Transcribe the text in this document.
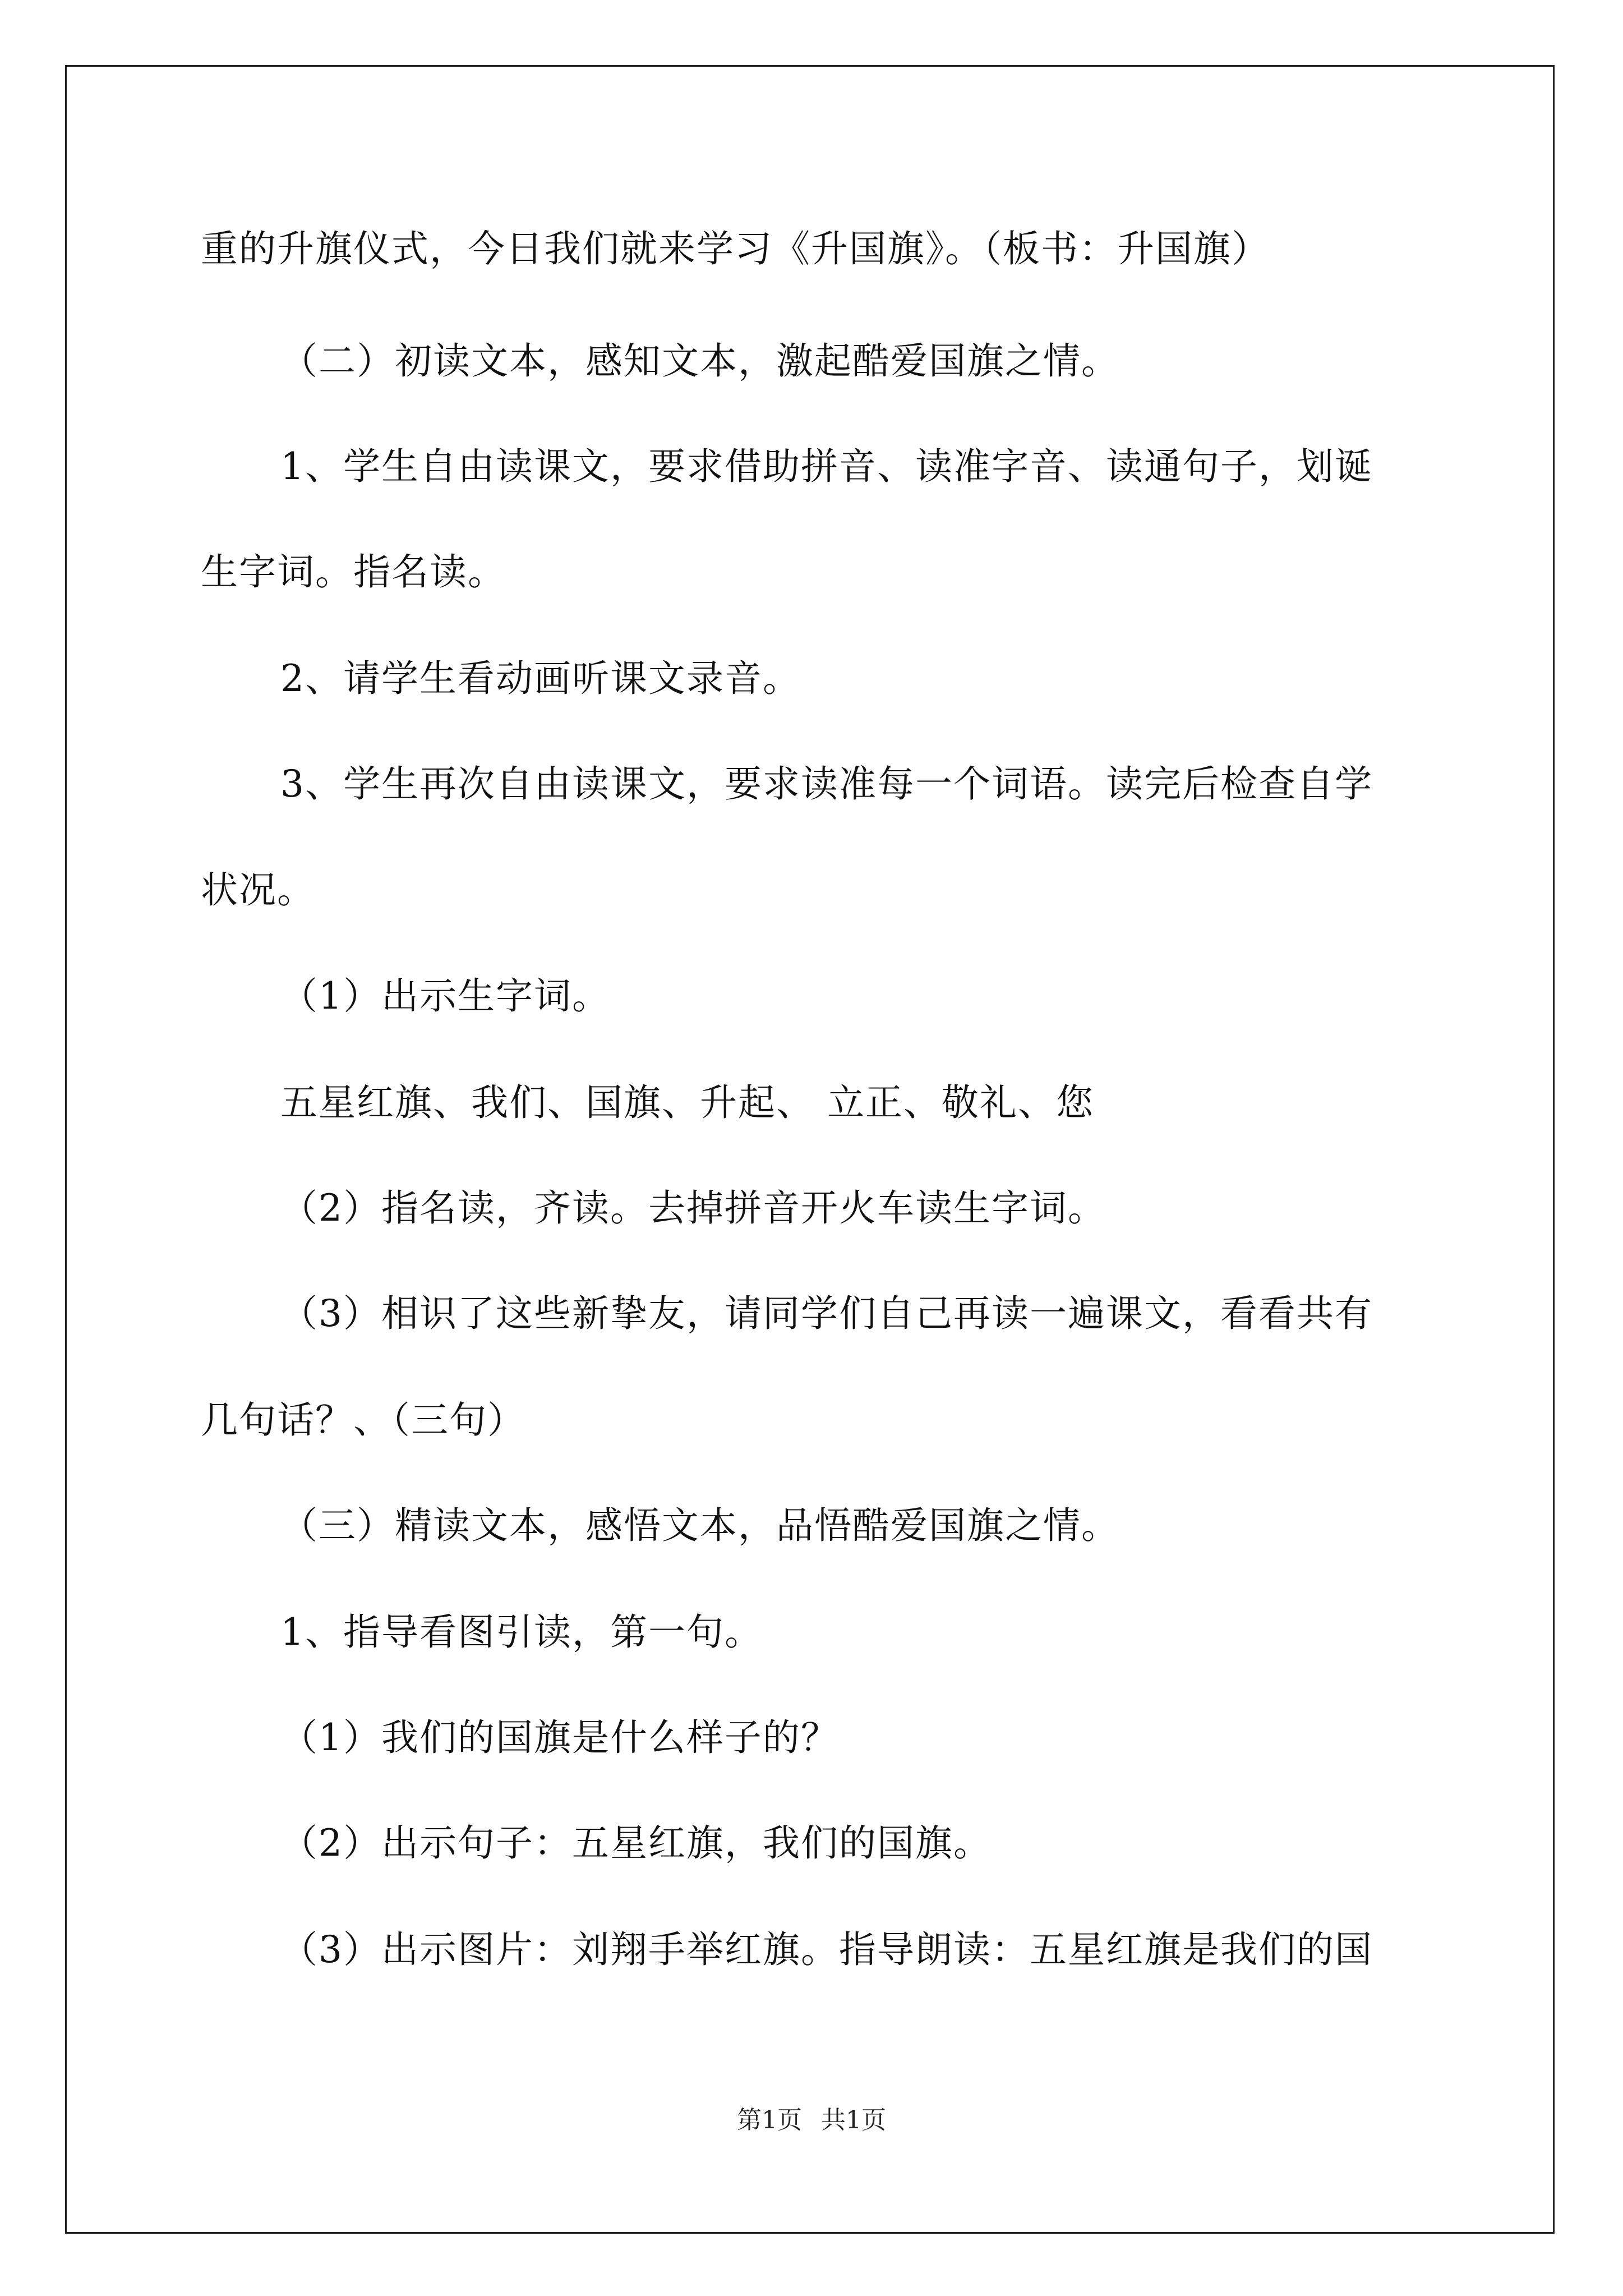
重的升旗仪式，今日我们就来学习《升国旗》。（板书：升国旗）
（二）初读文本，感知文本，激起酷爱国旗之情。
1、学生自由读课文，要求借助拼音、读准字音、读通句子，划诞
生字词。指名读。
2、请学生看动画听课文录音。
3、学生再次自由读课文，要求读准每一个词语。读完后检查自学
状况。
（1）出示生字词。
五星红旗、我们、国旗、升起、 立正、敬礼、您
（2）指名读，齐读。去掉拼音开火车读生字词。
（3）相识了这些新挚友，请同学们自己再读一遍课文，看看共有
几句话？、（三句）
（三）精读文本，感悟文本，品悟酷爱国旗之情。
1、指导看图引读，第一句。
（1）我们的国旗是什么样子的？
（2）出示句子：五星红旗，我们的国旗。
（3）出示图片：刘翔手举红旗。指导朗读：五星红旗是我们的国
第1页 共1页
